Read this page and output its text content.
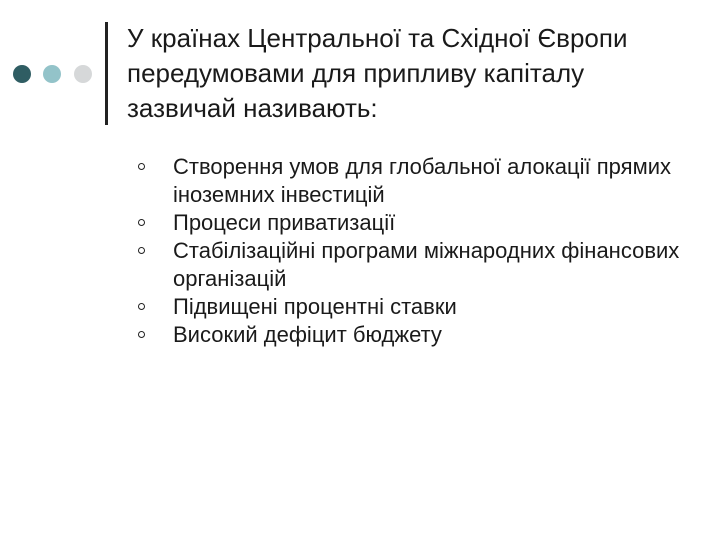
У країнах Центральної та Східної Європи передумовами для припливу капіталу зазвичай називають:
Створення умов для глобальної алокації прямих іноземних інвестицій
Процеси приватизації
Стабілізаційні програми міжнародних фінансових організацій
Підвищені процентні ставки
Високий дефіцит бюджету
